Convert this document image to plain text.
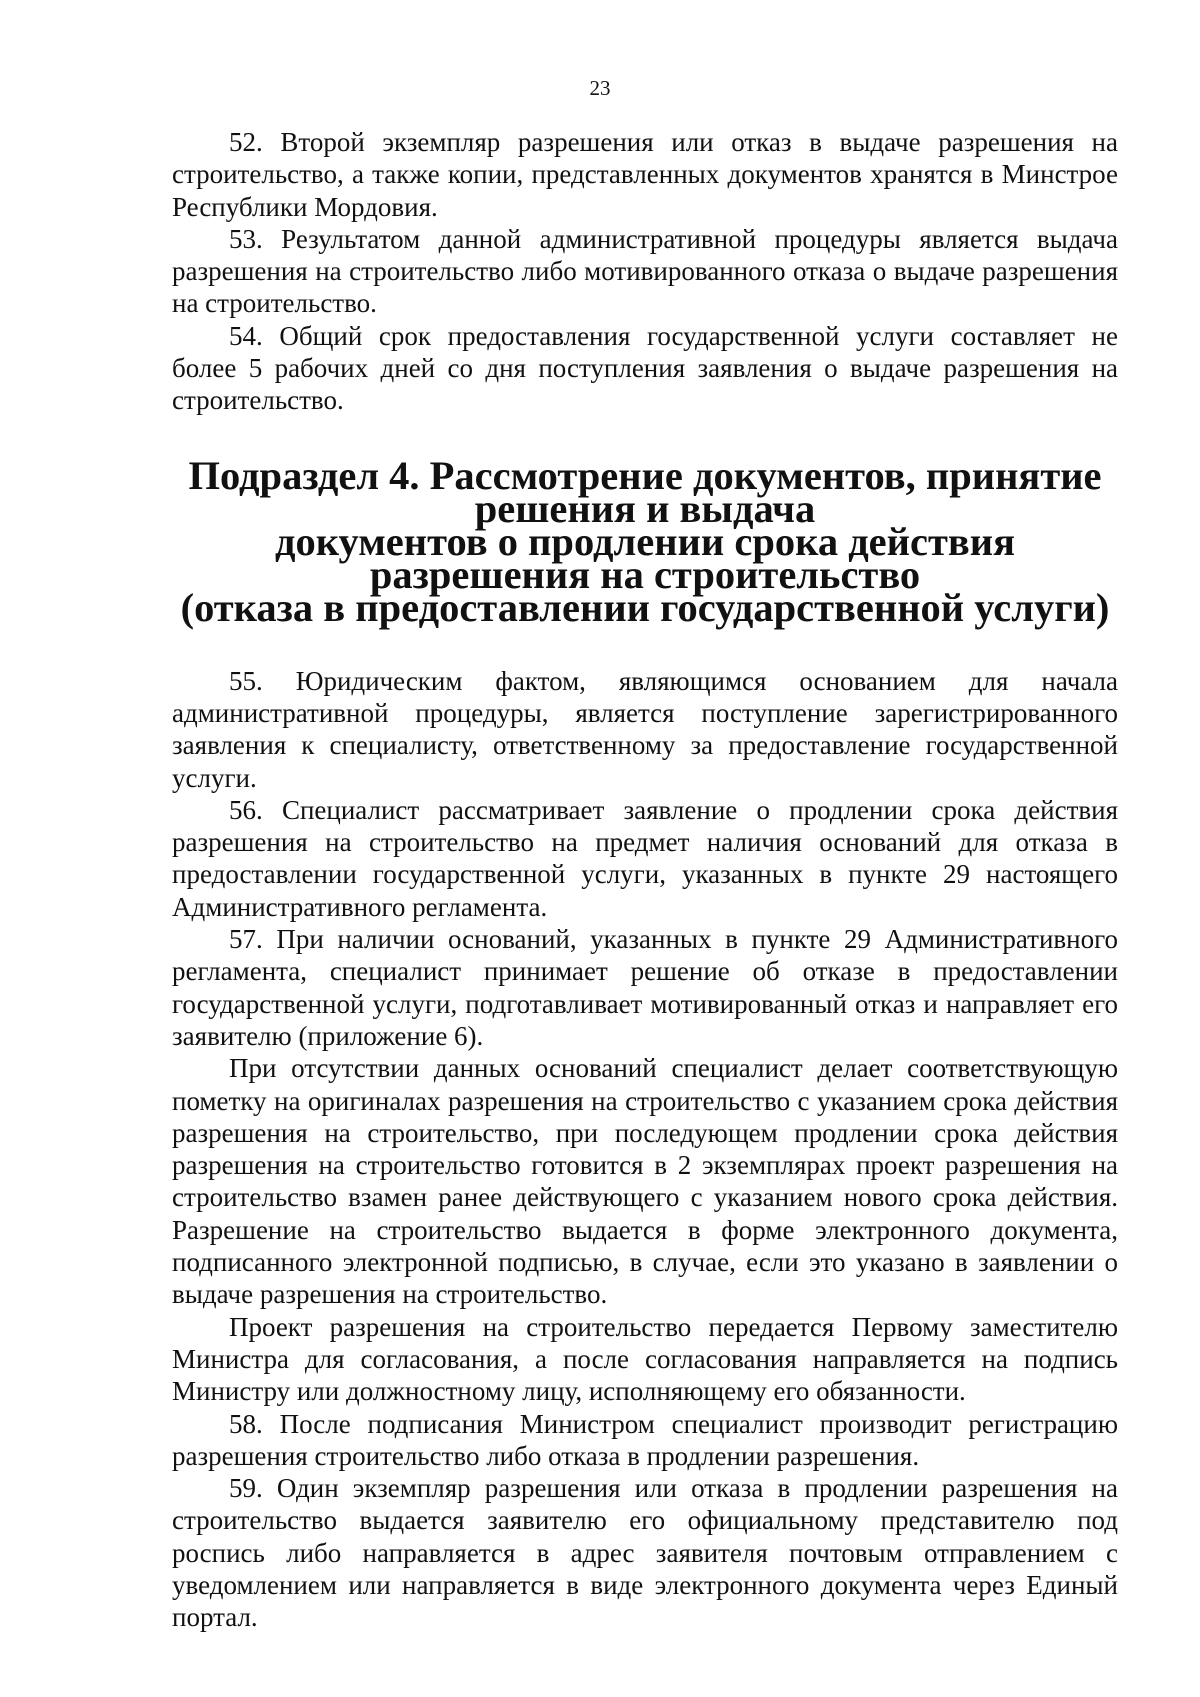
23

52. Второй экземпляр разрешения или отказ в выдаче разрешения на строительство, а также копии, представленных документов хранятся в Минстрое Республики Мордовия.

53. Результатом данной административной процедуры является выдача разрешения на строительство либо мотивированного отказа о выдаче разрешения на строительство.

54. Общий срок предоставления государственной услуги составляет не более 5 рабочих дней со дня поступления заявления о выдаче разрешения на строительство.

Подраздел 4. Рассмотрение документов, принятие решения и выдача
документов о продлении срока действия разрешения на строительство
(отказа в предоставлении государственной услуги)

55. Юридическим фактом, являющимся основанием для начала административной процедуры, является поступление зарегистрированного заявления к специалисту, ответственному за предоставление государственной услуги.

56. Специалист рассматривает заявление о продлении срока действия разрешения на строительство на предмет наличия оснований для отказа в предоставлении государственной услуги, указанных в пункте 29 настоящего Административного регламента.

57. При наличии оснований, указанных в пункте 29 Административного регламента, специалист принимает решение об отказе в предоставлении государственной услуги, подготавливает мотивированный отказ и направляет его заявителю (приложение 6).

При отсутствии данных оснований специалист делает соответствующую пометку на оригиналах разрешения на строительство с указанием срока действия разрешения на строительство, при последующем продлении срока действия разрешения на строительство готовится в 2 экземплярах проект разрешения на строительство взамен ранее действующего с указанием нового срока действия. Разрешение на строительство выдается в форме электронного документа, подписанного электронной подписью, в случае, если это указано в заявлении о выдаче разрешения на строительство.

Проект разрешения на строительство передается Первому заместителю Министра для согласования, а после согласования направляется на подпись Министру или должностному лицу, исполняющему его обязанности.

58. После подписания Министром специалист производит регистрацию разрешения строительство либо отказа в продлении разрешения.

59. Один экземпляр разрешения или отказа в продлении разрешения на строительство выдается заявителю его официальному представителю под роспись либо направляется в адрес заявителя почтовым отправлением с уведомлением или направляется в виде электронного документа через Единый портал.
